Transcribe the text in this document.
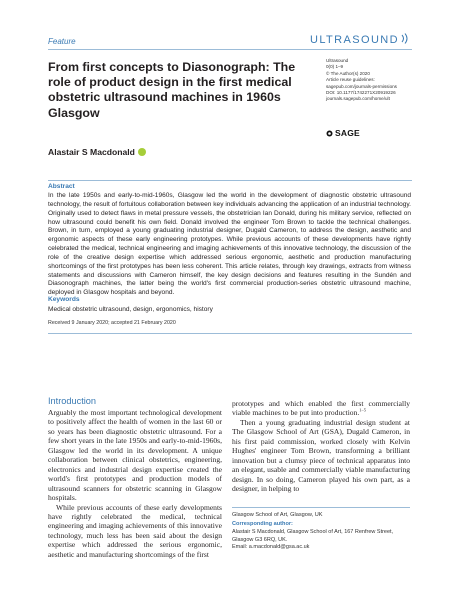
Feature	ULTRASOUND
From first concepts to Diasonograph: The role of product design in the first medical obstetric ultrasound machines in 1960s Glasgow
Ultrasound
0(0) 1–9
© The Author(s) 2020
Article reuse guidelines:
sagepub.com/journals-permissions
DOI: 10.1177/1742271X20919226
journals.sagepub.com/home/ult
SAGE
Alastair S Macdonald
Abstract
In the late 1950s and early-to-mid-1960s, Glasgow led the world in the development of diagnostic obstetric ultrasound technology, the result of fortuitous collaboration between key individuals advancing the application of an industrial technology. Originally used to detect flaws in metal pressure vessels, the obstetrician Ian Donald, during his military service, reflected on how ultrasound could benefit his own field. Donald involved the engineer Tom Brown to tackle the technical challenges. Brown, in turn, employed a young graduating industrial designer, Dugald Cameron, to address the design, aesthetic and ergonomic aspects of these early engineering prototypes. While previous accounts of these developments have rightly celebrated the medical, technical engineering and imaging achievements of this innovative technology, the discussion of the role of the creative design expertise which addressed serious ergonomic, aesthetic and production manufacturing shortcomings of the first prototypes has been less coherent. This article relates, through key drawings, extracts from witness statements and discussions with Cameron himself, the key design decisions and features resulting in the Sundén and Diasonograph machines, the latter being the world's first commercial production-series obstetric ultrasound machine, deployed in Glasgow hospitals and beyond.
Keywords
Medical obstetric ultrasound, design, ergonomics, history
Received 9 January 2020; accepted 21 February 2020
Introduction

Arguably the most important technological development to positively affect the health of women in the last 60 or so years has been diagnostic obstetric ultrasound. For a few short years in the late 1950s and early-to-mid-1960s, Glasgow led the world in its development. A unique collaboration between clinical obstetrics, engineering, electronics and industrial design expertise created the world's first prototypes and production models of ultrasound scanners for obstetric scanning in Glasgow hospitals.

While previous accounts of these early developments have rightly celebrated the medical, technical engineering and imaging achievements of this innovative technology, much less has been said about the design expertise which addressed the serious ergonomic, aesthetic and manufacturing shortcomings of the first

prototypes and which enabled the first commercially viable machines to be put into production.$^{1-5}$

Then a young graduating industrial design student at The Glasgow School of Art (GSA), Dugald Cameron, in his first paid commission, worked closely with Kelvin Hughes' engineer Tom Brown, transforming a brilliant innovation but a clumsy piece of technical apparatus into an elegant, usable and commercially viable manufacturing design. In so doing, Cameron played his own part, as a designer, in helping to

Glasgow School of Art, Glasgow, UK
Corresponding author:
Alastair S Macdonald, Glasgow School of Art, 167 Renfrew Street,
Glasgow G3 6RQ, UK.
Email: a.macdonald@gsa.ac.uk
